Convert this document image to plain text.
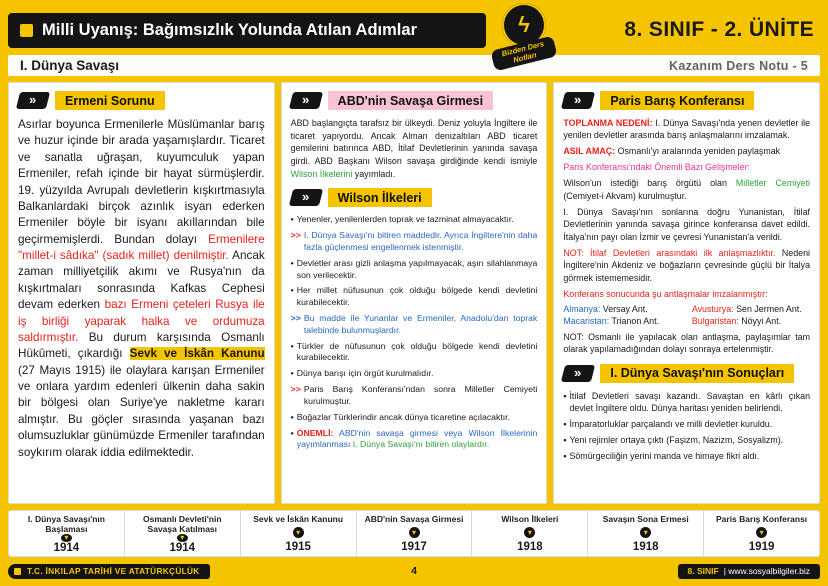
Milli Uyanış: Bağımsızlık Yolunda Atılan Adımlar	ϟ
Bizden Ders Notları
8. SINIF - 2. ÜNİTE
I. Dünya Savaşı	Kazanım Ders Notu - 5
»	Ermeni Sorunu

Asırlar boyunca Ermenilerle Müslümanlar barış ve huzur içinde bir arada yaşamışlardır. Ticaret ve sanatla uğraşan, kuyumculuk yapan Ermeniler, refah içinde bir hayat sürmüşlerdir. 19. yüzyılda Avrupalı devletlerin kışkırtmasıyla Balkanlardaki birçok azınlık isyan ederken Ermeniler böyle bir isyanı akıllarından bile geçirmemişlerdi. Bundan dolayı Ermenilere "millet-i sâdıka" (sadık millet) denilmiştir. Ancak zaman milliyetçilik akımı ve Rusya'nın da kışkırtmaları sonrasında Kafkas Cephesi devam ederken bazı Ermeni çeteleri Rusya ile iş birliği yaparak halka ve ordumuza saldırmıştır. Bu durum karşısında Osmanlı Hükûmeti, çıkardığı Sevk ve İskân Kanunu (27 Mayıs 1915) ile olaylara karışan Ermeniler ve onlara yardım edenleri ülkenin daha sakin bir bölgesi olan Suriye'ye nakletme kararı almıştır. Bu göçler sırasında yaşanan bazı olumsuzluklar günümüzde Ermeniler tarafından soykırım olarak iddia edilmektedir.

»	ABD'nin Savaşa Girmesi

ABD başlangıçta tarafsız bir ülkeydi. Deniz yoluyla İngiltere ile ticaret yapıyordu. Ancak Alman denizaltıları ABD ticaret gemilerini batırınca ABD, İtilaf Devletlerinin yanında savaşa girdi. ABD Başkanı Wilson savaşa girdiğinde kendi ismiyle Wilson İlkelerini yayımladı.

»	Wilson İlkeleri
• Yenenler, yenilenlerden toprak ve tazminat almayacaktır.
>> I. Dünya Savaşı'nı bitiren maddedir. Ayrıca İngiltere'nin daha fazla güçlenmesi engellenmek istenmiştir.
• Devletler arası gizli anlaşma yapılmayacak, aşırı silahlanmaya son verilecektir.
• Her millet nüfusunun çok olduğu bölgede kendi devletini kurabilecektir.
>> Bu madde ile Yunanlar ve Ermeniler, Anadolu'dan toprak talebinde bulunmuşlardır.
• Türkler de nüfusunun çok olduğu bölgede kendi devletini kurabilecektir.
• Dünya barışı için örgüt kurulmalıdır.
>> Paris Barış Konferansı'ndan sonra Milletler Cemiyeti kurulmuştur.
• Boğazlar Türklerindir ancak dünya ticaretine açılacaktır.
• ÖNEMLİ: ABD'nin savaşa girmesi veya Wilson İlkelerinin yayımlanması I. Dünya Savaşı'nı bitiren olaylardır.
»	Paris Barış Konferansı
TOPLANMA NEDENİ: I. Dünya Savaşı'nda yenen devletler ile yenilen devletler arasında barış anlaşmalarını imzalamak.
ASIL AMAÇ: Osmanlı'yı aralarında yeniden paylaşmak
Paris Konferansı'ndaki Önemli Bazı Gelişmeler:
Wilson'un istediği barış örgütü olan Milletler Cemiyeti (Cemiyet-i Akvam) kurulmuştur.
I. Dünya Savaşı'nın sonlarına doğru Yunanistan, İtilaf Devletlerinin yanında savaşa girince konferansa davet edildi. İtalya'nın payı olan İzmir ve çevresi Yunanistan'a verildi.
NOT: İtilaf Devletleri arasındaki ilk anlaşmazlıktır. Nedeni İngiltere'nin Akdeniz ve boğazların çevresinde güçlü bir İtalya görmek istememesidir.
Konferans sonucunda şu antlaşmalar imzalanmıştır:
Almanya: Versay Ant.	Avusturya: Sen Jermen Ant.
Macaristan: Trianon Ant.	Bulgaristan: Nöyyi Ant.
NOT: Osmanlı ile yapılacak olan antlaşma, paylaşımlar tam olarak yapılamadığından dolayı sonraya ertelenmiştir.
»	I. Dünya Savaşı'nın Sonuçları
• İtilaf Devletleri savaşı kazandı. Savaştan en kârlı çıkan devlet İngiltere oldu. Dünya haritası yeniden belirlendi.
• İmparatorluklar parçalandı ve milli devletler kuruldu.
• Yeni rejimler ortaya çıktı (Faşizm, Nazizm, Sosyalizm).
• Sömürgeciliğin yerini manda ve himaye fikri aldı.
I. Dünya Savaşı'nın Başlaması
▾
1914
Osmanlı Devleti'nin Savaşa Katılması
▾
1914
Sevk ve İskân Kanunu
▾
1915
ABD'nin Savaşa Girmesi
▾
1917
Wilson İlkeleri
▾
1918
Savaşın Sona Ermesi
▾
1918
Paris Barış Konferansı
▾
1919
T.C. İNKILAP TARİHİ VE ATATÜRKÇÜLÜK	4	8. SINIF | www.sosyalbilgiler.biz
